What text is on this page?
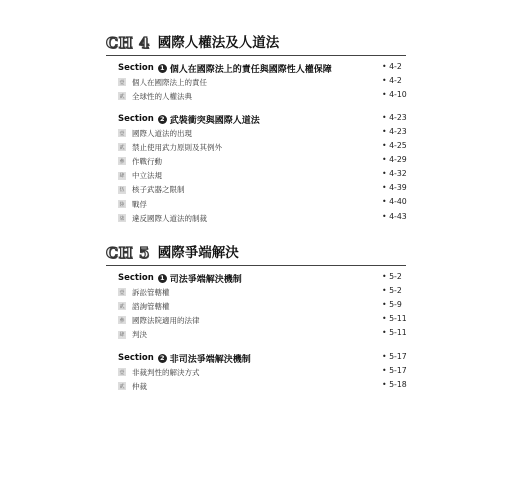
CH 4 國際人權法及人道法
Section 1 個人在國際法上的責任與國際性人權保障	• 4-2
壹 個人在國際法上的責任	• 4-2
貳 全球性的人權法典	• 4-10
Section 2 武裝衝突與國際人道法	• 4-23
壹 國際人道法的出現	• 4-23
貳 禁止使用武力原則及其例外	• 4-25
參 作戰行動	• 4-29
肆 中立法規	• 4-32
伍 核子武器之限制	• 4-39
陸 戰俘	• 4-40
柒 違反國際人道法的制裁	• 4-43
CH 5 國際爭端解決
Section 1 司法爭端解決機制	• 5-2
壹 訴訟管轄權	• 5-2
貳 諮詢管轄權	• 5-9
參 國際法院適用的法律	• 5-11
肆 判決	• 5-11
Section 2 非司法爭端解決機制	• 5-17
壹 非裁判性的解決方式	• 5-17
貳 仲裁	• 5-18
